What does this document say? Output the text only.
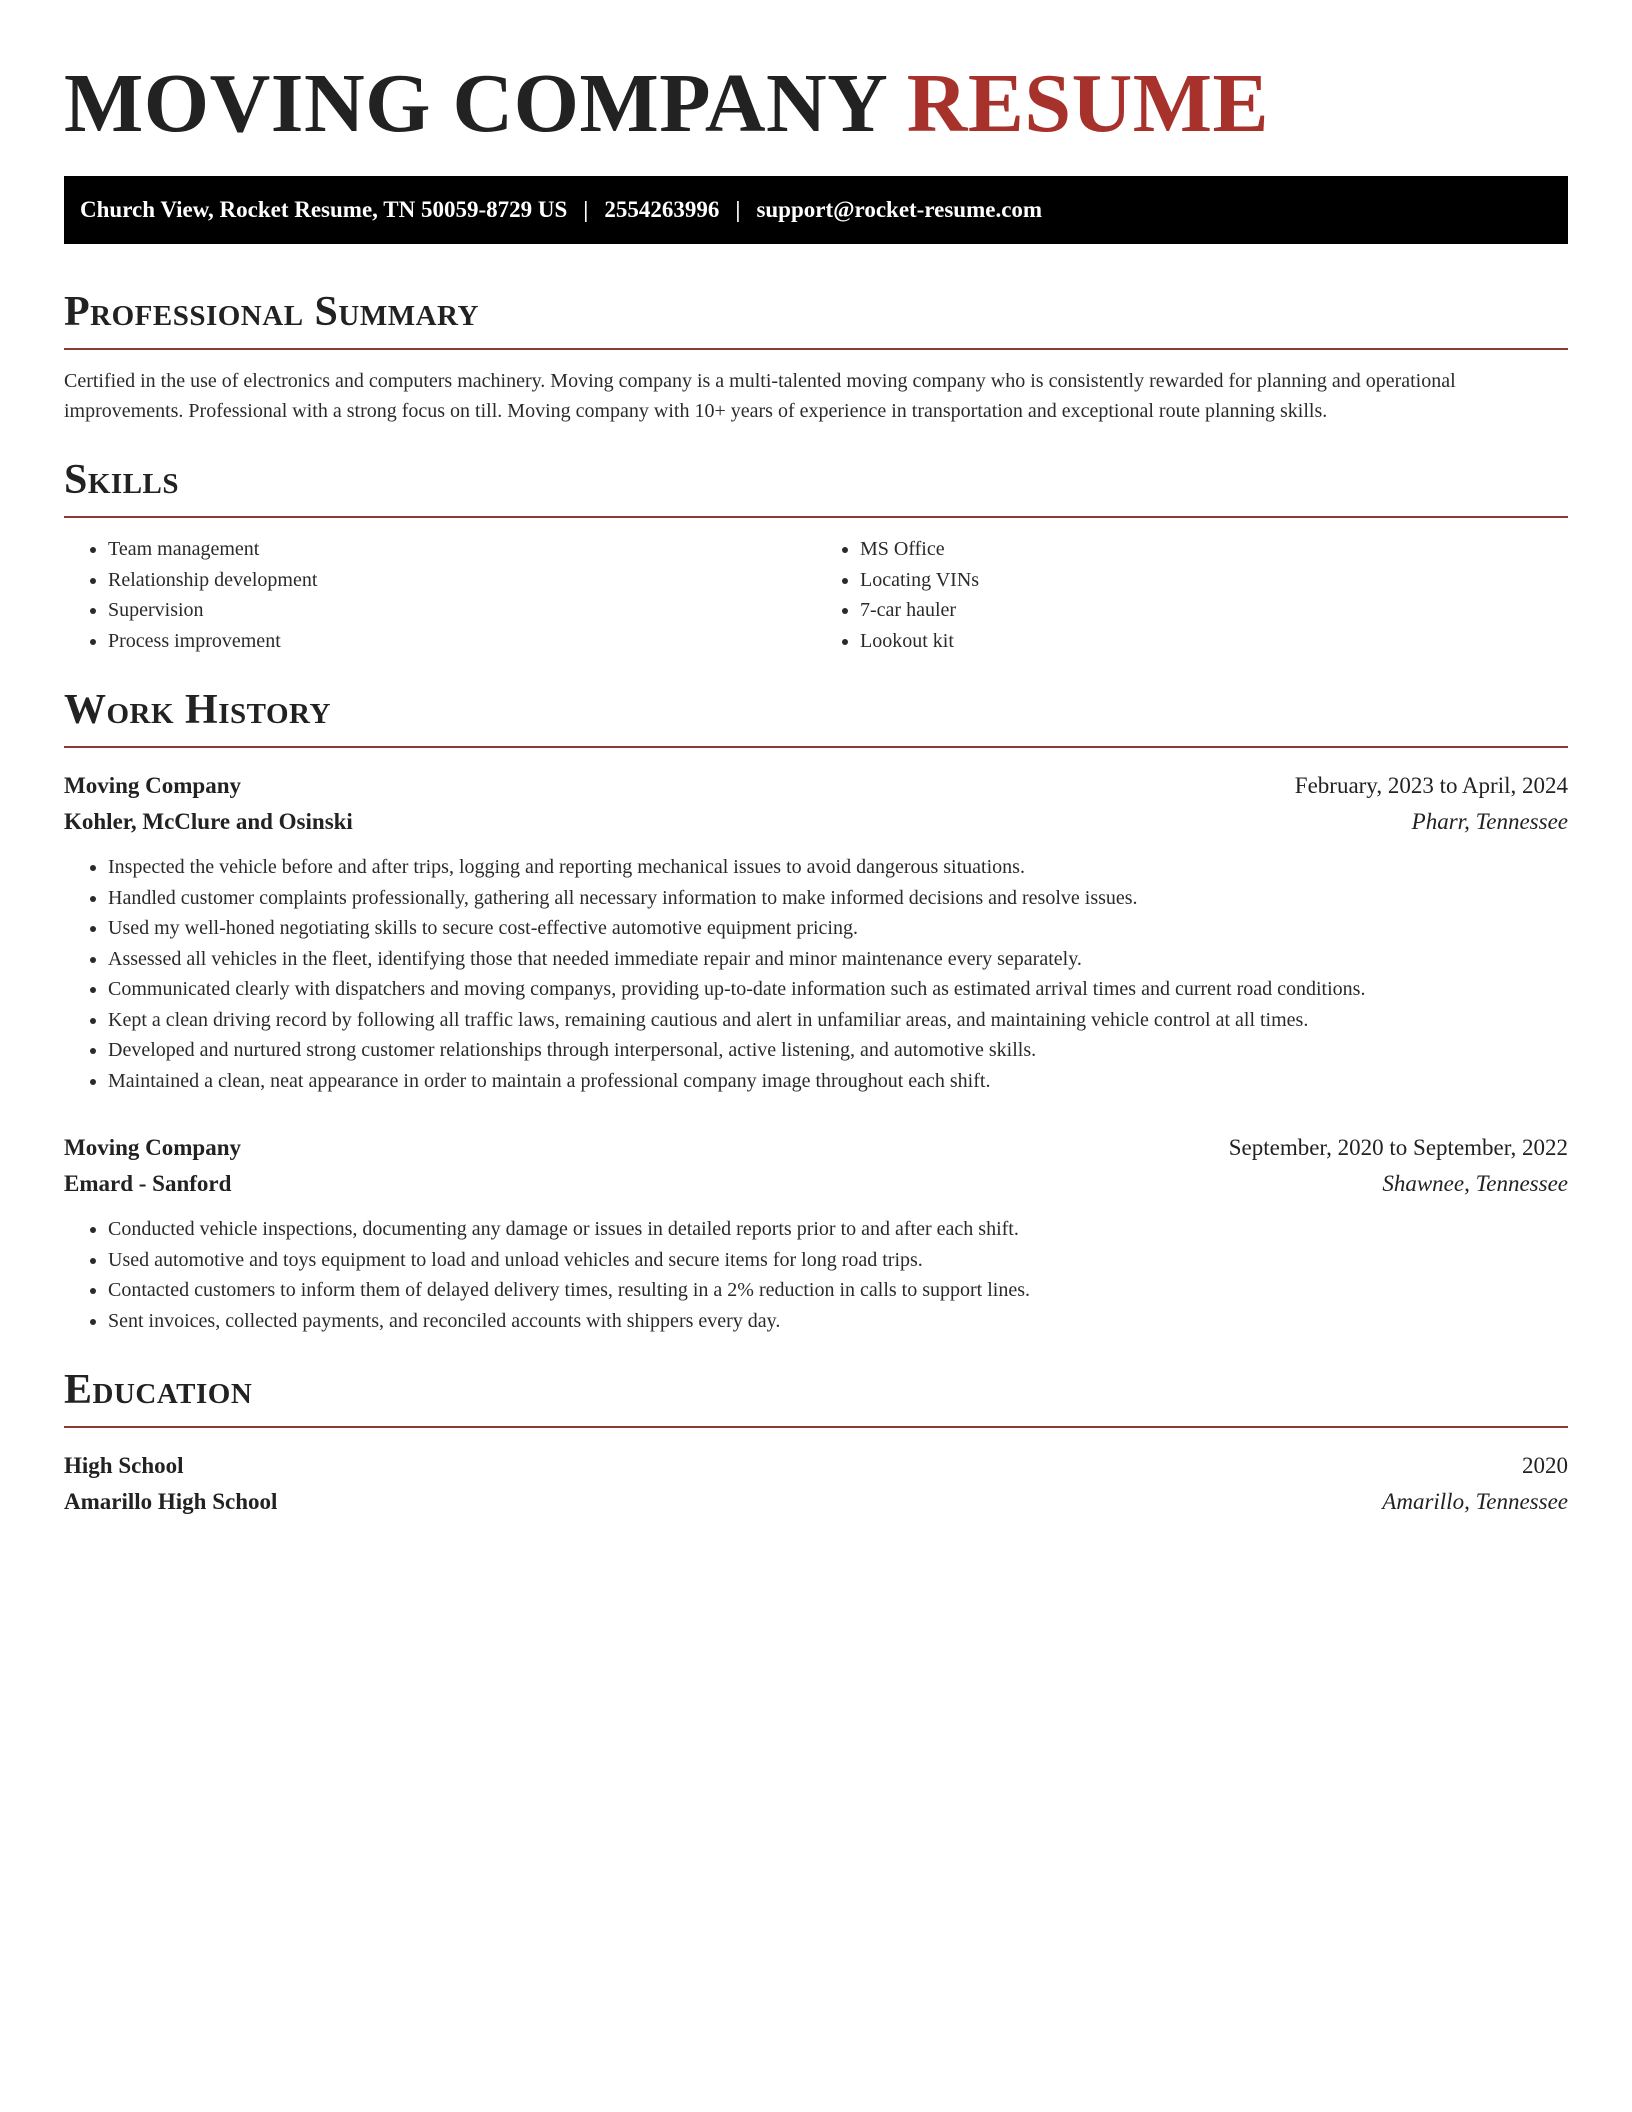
MOVING COMPANY RESUME
Church View, Rocket Resume, TN 50059-8729 US | 2554263996 | support@rocket-resume.com
Professional Summary

Certified in the use of electronics and computers machinery. Moving company is a multi-talented moving company who is consistently rewarded for planning and operational improvements. Professional with a strong focus on till. Moving company with 10+ years of experience in transportation and exceptional route planning skills.

Skills
• Team management
• Relationship development
• Supervision
• Process improvement
• MS Office
• Locating VINs
• 7-car hauler
• Lookout kit
Work History
Moving Company	February, 2023 to April, 2024
Kohler, McClure and Osinski	Pharr, Tennessee
• Inspected the vehicle before and after trips, logging and reporting mechanical issues to avoid dangerous situations.
• Handled customer complaints professionally, gathering all necessary information to make informed decisions and resolve issues.
• Used my well-honed negotiating skills to secure cost-effective automotive equipment pricing.
• Assessed all vehicles in the fleet, identifying those that needed immediate repair and minor maintenance every separately.
• Communicated clearly with dispatchers and moving companys, providing up-to-date information such as estimated arrival times and current road conditions.
• Kept a clean driving record by following all traffic laws, remaining cautious and alert in unfamiliar areas, and maintaining vehicle control at all times.
• Developed and nurtured strong customer relationships through interpersonal, active listening, and automotive skills.
• Maintained a clean, neat appearance in order to maintain a professional company image throughout each shift.
Moving Company	September, 2020 to September, 2022
Emard - Sanford	Shawnee, Tennessee
• Conducted vehicle inspections, documenting any damage or issues in detailed reports prior to and after each shift.
• Used automotive and toys equipment to load and unload vehicles and secure items for long road trips.
• Contacted customers to inform them of delayed delivery times, resulting in a 2% reduction in calls to support lines.
• Sent invoices, collected payments, and reconciled accounts with shippers every day.
Education
High School	2020
Amarillo High School	Amarillo, Tennessee
